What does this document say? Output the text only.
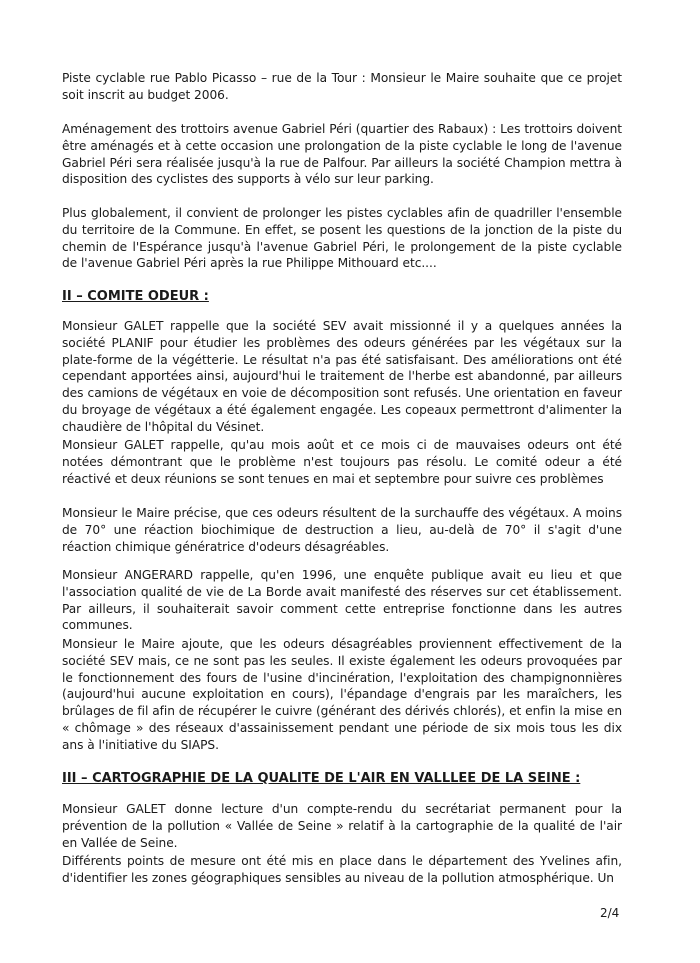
Piste cyclable rue Pablo Picasso – rue de la Tour : Monsieur le Maire souhaite que ce projet soit inscrit au budget 2006.

Aménagement des trottoirs avenue Gabriel Péri (quartier des Rabaux) : Les trottoirs doivent être aménagés et à cette occasion une prolongation de la piste cyclable le long de l'avenue Gabriel Péri sera réalisée jusqu'à la rue de Palfour. Par ailleurs la société Champion mettra à disposition des cyclistes des supports à vélo sur leur parking.

Plus globalement, il convient de prolonger les pistes cyclables afin de quadriller l'ensemble du territoire de la Commune. En effet, se posent les questions de la jonction de la piste du chemin de l'Espérance jusqu'à l'avenue Gabriel Péri, le prolongement de la piste cyclable de l'avenue Gabriel Péri après la rue Philippe Mithouard etc....

II – COMITE ODEUR :

Monsieur GALET rappelle que la société SEV avait missionné il y a quelques années la société PLANIF pour étudier les problèmes des odeurs générées par les végétaux sur la plate-forme de la végétterie. Le résultat n'a pas été satisfaisant. Des améliorations ont été cependant apportées ainsi, aujourd'hui le traitement de l'herbe est abandonné, par ailleurs des camions de végétaux en voie de décomposition sont refusés. Une orientation en faveur du broyage de végétaux a été également engagée. Les copeaux permettront d'alimenter la chaudière de l'hôpital du Vésinet.

Monsieur GALET rappelle, qu'au mois août et ce mois ci de mauvaises odeurs ont été notées démontrant que le problème n'est toujours pas résolu. Le comité odeur a été réactivé et deux réunions se sont tenues en mai et septembre pour suivre ces problèmes

Monsieur le Maire précise, que ces odeurs résultent de la surchauffe des végétaux. A moins de 70° une réaction biochimique de destruction a lieu, au-delà de 70° il s'agit d'une réaction chimique génératrice d'odeurs désagréables.

Monsieur ANGERARD rappelle, qu'en 1996, une enquête publique avait eu lieu et que l'association qualité de vie de La Borde avait manifesté des réserves sur cet établissement. Par ailleurs, il souhaiterait savoir comment cette entreprise fonctionne dans les autres communes.

Monsieur le Maire ajoute, que les odeurs désagréables proviennent effectivement de la société SEV mais, ce ne sont pas les seules. Il existe également les odeurs provoquées par le fonctionnement des fours de l'usine d'incinération, l'exploitation des champignonnières (aujourd'hui aucune exploitation en cours), l'épandage d'engrais par les maraîchers, les brûlages de fil afin de récupérer le cuivre (générant des dérivés chlorés), et enfin la mise en « chômage » des réseaux d'assainissement pendant une période de six mois tous les dix ans à l'initiative du SIAPS.

III – CARTOGRAPHIE DE LA QUALITE DE L'AIR EN VALLLEE DE LA SEINE :

Monsieur GALET donne lecture d'un compte-rendu du secrétariat permanent pour la prévention de la pollution « Vallée de Seine » relatif à la cartographie de la qualité de l'air en Vallée de Seine.

Différents points de mesure ont été mis en place dans le département des Yvelines afin, d'identifier les zones géographiques sensibles au niveau de la pollution atmosphérique. Un

2/4
